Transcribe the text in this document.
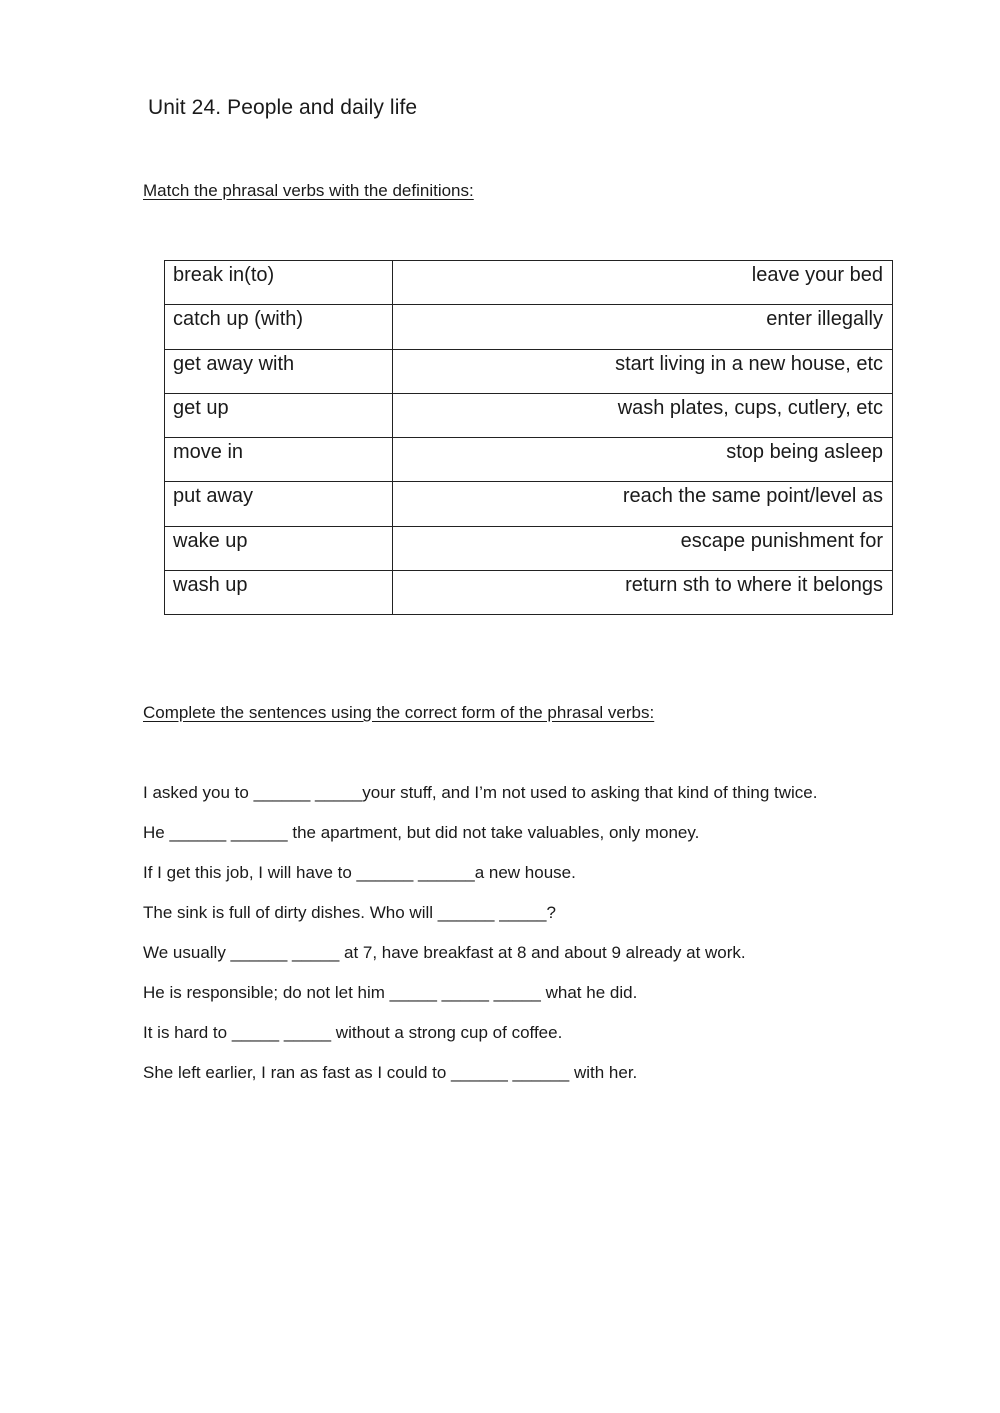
Unit 24. People and daily life
Match the phrasal verbs with the definitions:
break in(to)	leave your bed
catch up (with)	enter illegally
get away with	start living in a new house, etc
get up	wash plates, cups, cutlery, etc
move in	stop being asleep
put away	reach the same point/level as
wake up	escape punishment for
wash up	return sth to where it belongs
Complete the sentences using the correct form of the phrasal verbs:
I asked you to ______ _____your stuff, and I’m not used to asking that kind of thing twice.
He ______ ______ the apartment, but did not take valuables, only money.
If I get this job, I will have to ______ ______a new house.
The sink is full of dirty dishes. Who will ______ _____?
We usually ______ _____ at 7, have breakfast at 8 and about 9 already at work.
He is responsible; do not let him _____ _____ _____ what he did.
It is hard to _____ _____ without a strong cup of coffee.
She left earlier, I ran as fast as I could to ______ ______ with her.
